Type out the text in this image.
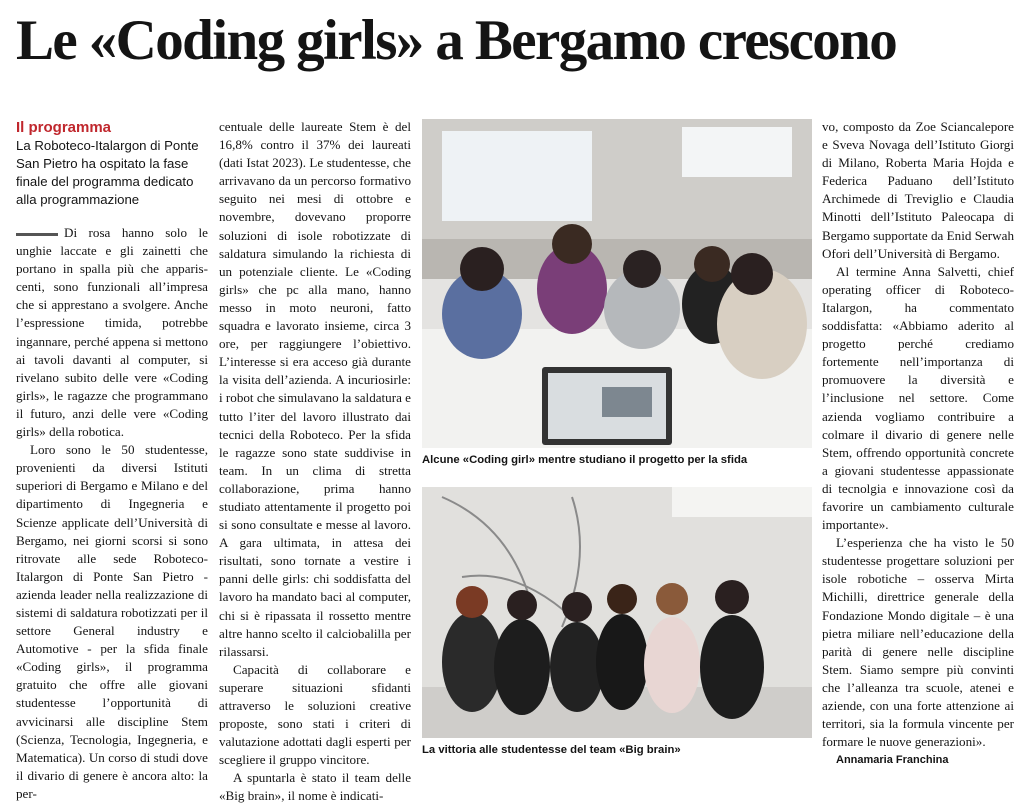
Le «Coding girls» a Bergamo crescono

Il programma

La Roboteco-Italargon di Ponte San Pietro ha ospitato la fase finale del programma dedicato alla programmazione

Di rosa hanno solo le unghie laccate e gli zainetti che portano in spalla più che appariscenti, sono funzionali all’impresa che si apprestano a svolgere. Anche l’espressione timida, potrebbe ingannare, perché appena si mettono ai tavoli davanti al computer, si rivelano subito delle vere «Coding girls», le ragazze che programmano il futuro, anzi delle vere «Coding girls» della robotica.

Loro sono le 50 studentesse, provenienti da diversi Istituti superiori di Bergamo e Milano e del dipartimento di Ingegneria e Scienze applicate dell’Università di Bergamo, nei giorni scorsi si sono ritrovate alle sede Roboteco-Italargon di Ponte San Pietro - azienda leader nella realizzazione di sistemi di saldatura robotizzati per il settore General industry e Automotive - per la sfida finale «Coding girls», il programma gratuito che offre alle giovani studentesse l’opportunità di avvicinarsi alle discipline Stem (Scienza, Tecnologia, Ingegneria, e Matematica). Un corso di studi dove il divario di genere è ancora alto: la per-

centuale delle laureate Stem è del 16,8% contro il 37% dei laureati (dati Istat 2023). Le studentesse, che arrivavano da un percorso formativo seguito nei mesi di ottobre e novembre, dovevano proporre soluzioni di isole robotizzate di saldatura simulando la richiesta di un potenziale cliente. Le «Coding girls» che pc alla mano, hanno messo in moto neuroni, fatto squadra e lavorato insieme, circa 3 ore, per raggiungere l’obiettivo. L’interesse si era acceso già durante la visita dell’azienda. A incuriosirle: i robot che simulavano la saldatura e tutto l’iter del lavoro illustrato dai tecnici della Roboteco. Per la sfida le ragazze sono state suddivise in team. In un clima di stretta collaborazione, prima hanno studiato attentamente il progetto poi si sono consultate e messe al lavoro. A gara ultimata, in attesa dei risultati, sono tornate a vestire i panni delle girls: chi soddisfatta del lavoro ha mandato baci al computer, chi si è ripassata il rossetto mentre altre hanno scelto il calciobalilla per rilassarsi.

Capacità di collaborare e superare situazioni sfidanti attraverso le soluzioni creative proposte, sono stati i criteri di valutazione adottati dagli esperti per scegliere il gruppo vincitore.

A spuntarla è stato il team delle «Big brain», il nome è indicati-

Alcune «Coding girl» mentre studiano il progetto per la sfida
La vittoria alle studentesse del team «Big brain»

vo, composto da Zoe Sciancalepore e Sveva Novaga dell’Istituto Giorgi di Milano, Roberta Maria Hojda e Federica Paduano dell’Istituto Archimede di Treviglio e Claudia Minotti dell’Istituto Paleocapa di Bergamo supportate da Enid Serwah Ofori dell’Università di Bergamo.

Al termine Anna Salvetti, chief operating officer di Roboteco-Italargon, ha commentato soddisfatta: «Abbiamo aderito al progetto perché crediamo fortemente nell’importanza di promuovere la diversità e l’inclusione nel settore. Come azienda vogliamo contribuire a colmare il divario di genere nelle Stem, offrendo opportunità concrete a giovani studentesse appassionate di tecnolgia e innovazione così da favorire un cambiamento culturale importante».

L’esperienza che ha visto le 50 studentesse progettare soluzioni per isole robotiche – osserva Mirta Michilli, direttrice generale della Fondazione Mondo digitale – è una pietra miliare nell’educazione della parità di genere nelle discipline Stem. Siamo sempre più convinti che l’alleanza tra scuole, atenei e aziende, con una forte attenzione ai territori, sia la formula vincente per formare le nuove generazioni».

Annamaria Franchina
